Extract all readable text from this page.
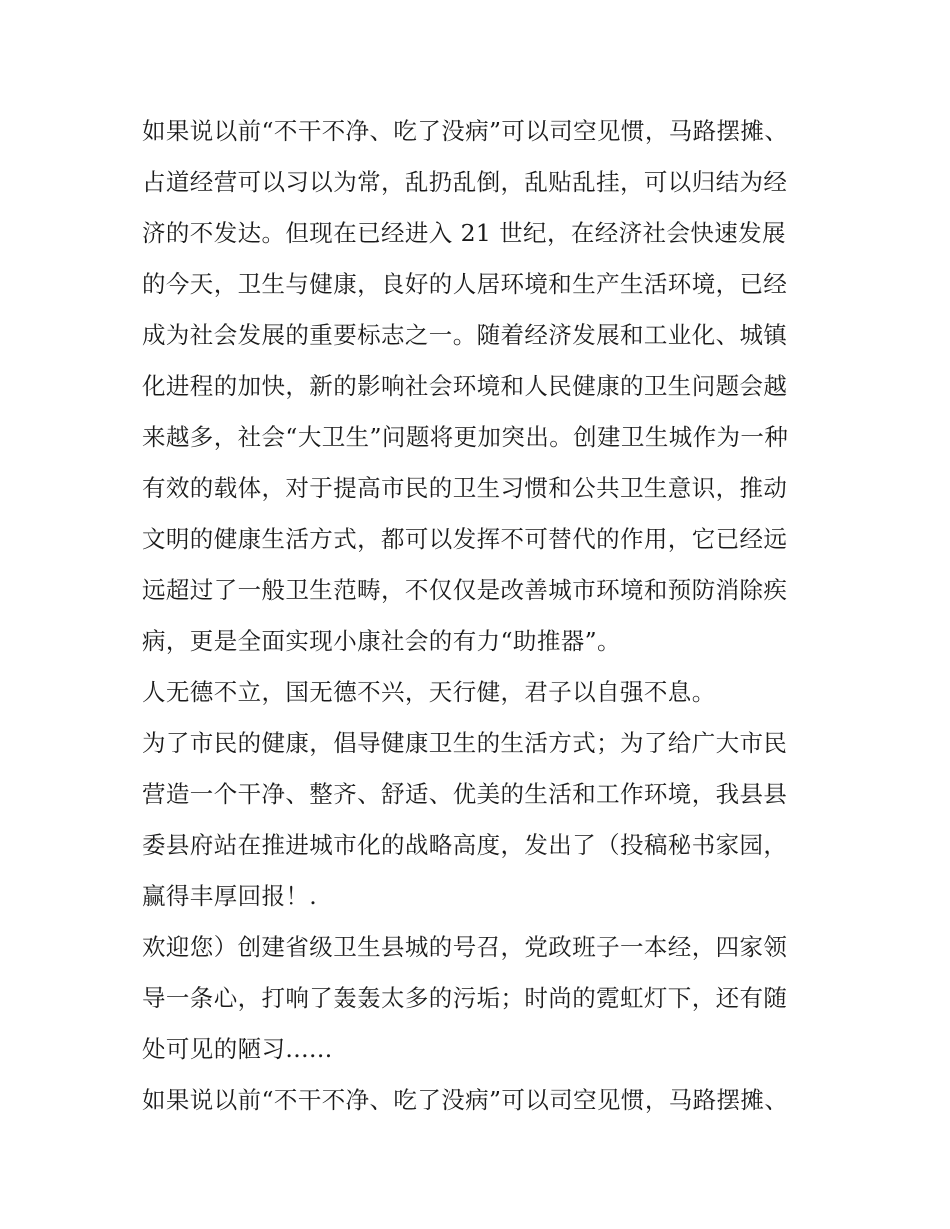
如果说以前“不干不净、吃了没病”可以司空见惯，马路摆摊、
占道经营可以习以为常，乱扔乱倒，乱贴乱挂，可以归结为经
济的不发达。但现在已经进入 21 世纪，在经济社会快速发展
的今天，卫生与健康，良好的人居环境和生产生活环境，已经
成为社会发展的重要标志之一。随着经济发展和工业化、城镇
化进程的加快，新的影响社会环境和人民健康的卫生问题会越
来越多，社会“大卫生”问题将更加突出。创建卫生城作为一种
有效的载体，对于提高市民的卫生习惯和公共卫生意识，推动
文明的健康生活方式，都可以发挥不可替代的作用，它已经远
远超过了一般卫生范畴，不仅仅是改善城市环境和预防消除疾
病，更是全面实现小康社会的有力“助推器”。
人无德不立，国无德不兴，天行健，君子以自强不息。
为了市民的健康，倡导健康卫生的生活方式；为了给广大市民
营造一个干净、整齐、舒适、优美的生活和工作环境，我县县
委县府站在推进城市化的战略高度，发出了（投稿秘书家园，
赢得丰厚回报！.
欢迎您）创建省级卫生县城的号召，党政班子一本经，四家领
导一条心，打响了轰轰太多的污垢；时尚的霓虹灯下，还有随
处可见的陋习......
如果说以前“不干不净、吃了没病”可以司空见惯，马路摆摊、
